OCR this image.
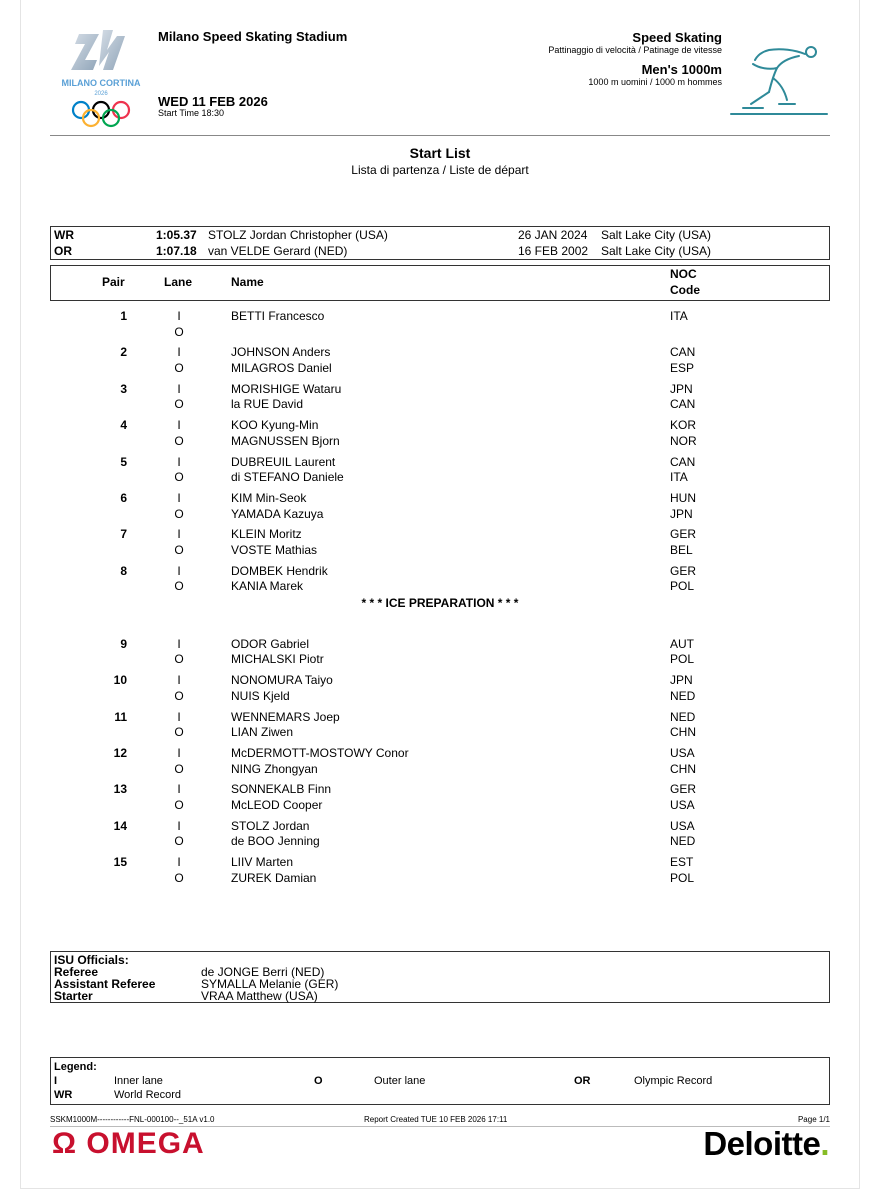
MILANO CORTINA
2026
Milano Speed Skating Stadium
WED 11 FEB 2026
Start Time 18:30
Speed Skating
Pattinaggio di velocità / Patinage de vitesse
Men's 1000m
1000 m uomini / 1000 m hommes
Start List
Lista di partenza / Liste de départ
WR	1:05.37 STOLZ Jordan Christopher (USA)	26 JAN 2024 Salt Lake City (USA)
OR	1:07.18 van VELDE Gerard (NED)	16 FEB 2002 Salt Lake City (USA)
Pair	Lane	Name
NOC
Code
1	I	BETTI Francesco	ITA
O
2	I	JOHNSON Anders	CAN
O	MILAGROS Daniel	ESP
3	I	MORISHIGE Wataru	JPN
O	la RUE David	CAN
4	I	KOO Kyung-Min	KOR
O	MAGNUSSEN Bjorn	NOR
5	I	DUBREUIL Laurent	CAN
O	di STEFANO Daniele	ITA
6	I	KIM Min-Seok	HUN
O	YAMADA Kazuya	JPN
7	I	KLEIN Moritz	GER
O	VOSTE Mathias	BEL
8	I	DOMBEK Hendrik	GER
O	KANIA Marek	POL
9	I	ODOR Gabriel	AUT
O	MICHALSKI Piotr	POL
10	I	NONOMURA Taiyo	JPN
O	NUIS Kjeld	NED
11	I	WENNEMARS Joep	NED
O	LIAN Ziwen	CHN
12	I	McDERMOTT-MOSTOWY Conor	USA
O	NING Zhongyan	CHN
13	I	SONNEKALB Finn	GER
O	McLEOD Cooper	USA
14	I	STOLZ Jordan	USA
O	de BOO Jenning	NED
15	I	LIIV Marten	EST
O	ZUREK Damian	POL
* * * ICE PREPARATION * * *
ISU Officials:
Referee	de JONGE Berri (NED)
Assistant Referee	SYMALLA Melanie (GER)
Starter	VRAA Matthew (USA)
Legend:
I	Inner lane	O	Outer lane	OR	Olympic Record
WR	World Record
SSKM1000M------------FNL-000100--_51A v1.0	Report Created TUE 10 FEB 2026 17:11	Page 1/1
Ω OMEGA	Deloitte.
